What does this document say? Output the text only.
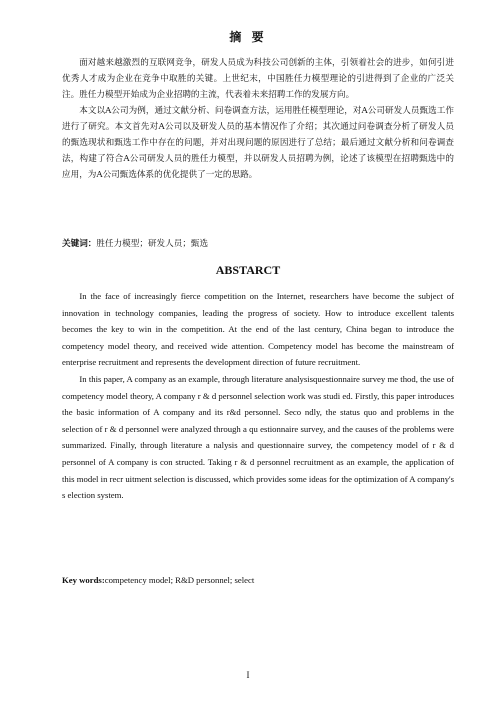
摘 要

面对越来越激烈的互联网竞争，研发人员成为科技公司创新的主体，引领着社会的进步，如何引进优秀人才成为企业在竞争中取胜的关键。上世纪末，中国胜任力模型理论的引进得到了企业的广泛关注。胜任力模型开始成为企业招聘的主流，代表着未来招聘工作的发展方向。

本文以A公司为例，通过文献分析、问卷调查方法，运用胜任模型理论，对A公司研发人员甄选工作进行了研究。本文首先对A公司以及研发人员的基本情况作了介绍；其次通过问卷调查分析了研发人员的甄选现状和甄选工作中存在的问题，并对出现问题的原因进行了总结；最后通过文献分析和问卷调查法，构建了符合A公司研发人员的胜任力模型，并以研发人员招聘为例，论述了该模型在招聘甄选中的应用，为A公司甄选体系的优化提供了一定的思路。

关键词：胜任力模型；研发人员；甄选
ABSTARCT

In the face of increasingly fierce competition on the Internet, researchers have become the subject of innovation in technology companies, leading the progress of society. How to introduce excellent talents becomes the key to win in the competition. At the end of the last century, China began to introduce the competency model theory, and received wide attention. Competency model has become the mainstream of enterprise recruitment and represents the development direction of future recruitment.

In this paper, A company as an example, through literature analysisquestionnaire survey me thod, the use of competency model theory, A company r & d personnel selection work was studi ed. Firstly, this paper introduces the basic information of A company and its r&d personnel. Seco ndly, the status quo and problems in the selection of r & d personnel were analyzed through a qu estionnaire survey, and the causes of the problems were summarized. Finally, through literature a nalysis and questionnaire survey, the competency model of r & d personnel of A company is con structed. Taking r & d personnel recruitment as an example, the application of this model in recr uitment selection is discussed, which provides some ideas for the optimization of A company's s election system.

Key words:competency model; R&D personnel; select
I
